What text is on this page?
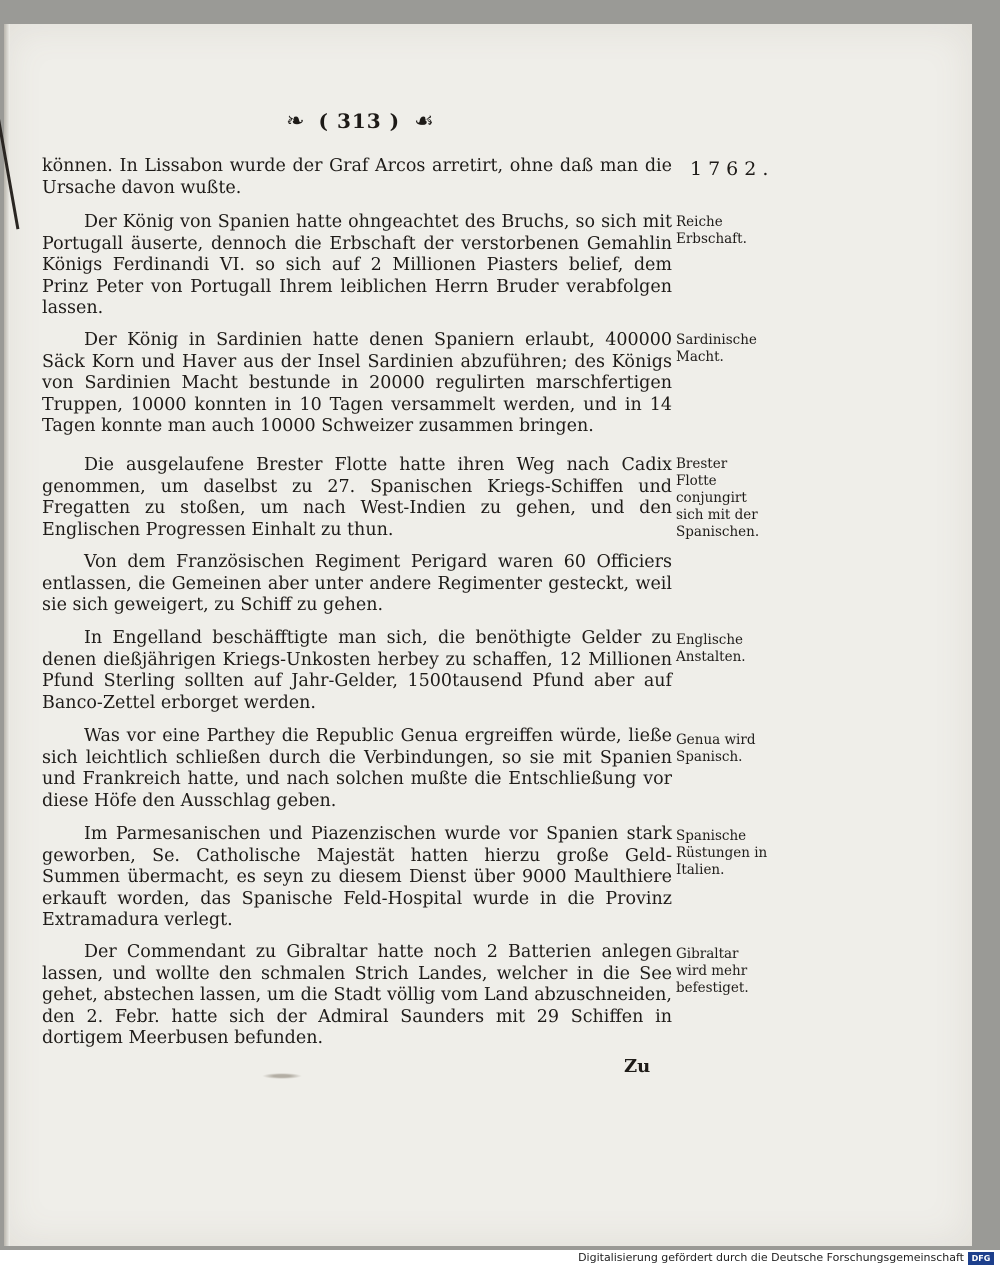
❧ ( 313 ) ☙
1762.

können. In Lissabon wurde der Graf Arcos arretirt, ohne daß man die Ursache davon wußte.

Der König von Spanien hatte ohngeachtet des Bruchs, so sich mit Portugall äuserte, dennoch die Erbschaft der verstorbenen Gemahlin Königs Ferdinandi VI. so sich auf 2 Millionen Piasters belief, dem Prinz Peter von Portugall Ihrem leiblichen Herrn Bruder verabfolgen lassen.

Der König in Sardinien hatte denen Spaniern erlaubt, 400000 Säck Korn und Haver aus der Insel Sardinien abzuführen; des Königs von Sardinien Macht bestunde in 20000 regulirten marschfertigen Truppen, 10000 konnten in 10 Tagen versammelt werden, und in 14 Tagen konnte man auch 10000 Schweizer zusammen bringen.

Die ausgelaufene Brester Flotte hatte ihren Weg nach Cadix genommen, um daselbst zu 27. Spanischen Kriegs-Schiffen und Fregatten zu stoßen, um nach West-Indien zu gehen, und den Englischen Progressen Einhalt zu thun.

Von dem Französischen Regiment Perigard waren 60 Officiers entlassen, die Gemeinen aber unter andere Regimenter gesteckt, weil sie sich geweigert, zu Schiff zu gehen.

In Engelland beschäfftigte man sich, die benöthigte Gelder zu denen dießjährigen Kriegs-Unkosten herbey zu schaffen, 12 Millionen Pfund Sterling sollten auf Jahr-Gelder, 1500tausend Pfund aber auf Banco-Zettel erborget werden.

Was vor eine Parthey die Republic Genua ergreiffen würde, ließe sich leichtlich schließen durch die Verbindungen, so sie mit Spanien und Frankreich hatte, und nach solchen mußte die Entschließung vor diese Höfe den Ausschlag geben.

Im Parmesanischen und Piazenzischen wurde vor Spanien stark geworben, Se. Catholische Majestät hatten hierzu große Geld-Summen übermacht, es seyn zu diesem Dienst über 9000 Maulthiere erkauft worden, das Spanische Feld-Hospital wurde in die Provinz Extramadura verlegt.

Der Commendant zu Gibraltar hatte noch 2 Batterien anlegen lassen, und wollte den schmalen Strich Landes, welcher in die See gehet, abstechen lassen, um die Stadt völlig vom Land abzuschneiden, den 2. Febr. hatte sich der Admiral Saunders mit 29 Schiffen in dortigem Meerbusen befunden.

Reiche Erbschaft.
Sardinische Macht.
Brester Flotte conjungirt sich mit der Spanischen.
Englische Anstalten.
Genua wird Spanisch.
Spanische Rüstungen in Italien.
Gibraltar wird mehr befestiget.
Zu
Digitalisierung gefördert durch die Deutsche Forschungsgemeinschaft DFG
